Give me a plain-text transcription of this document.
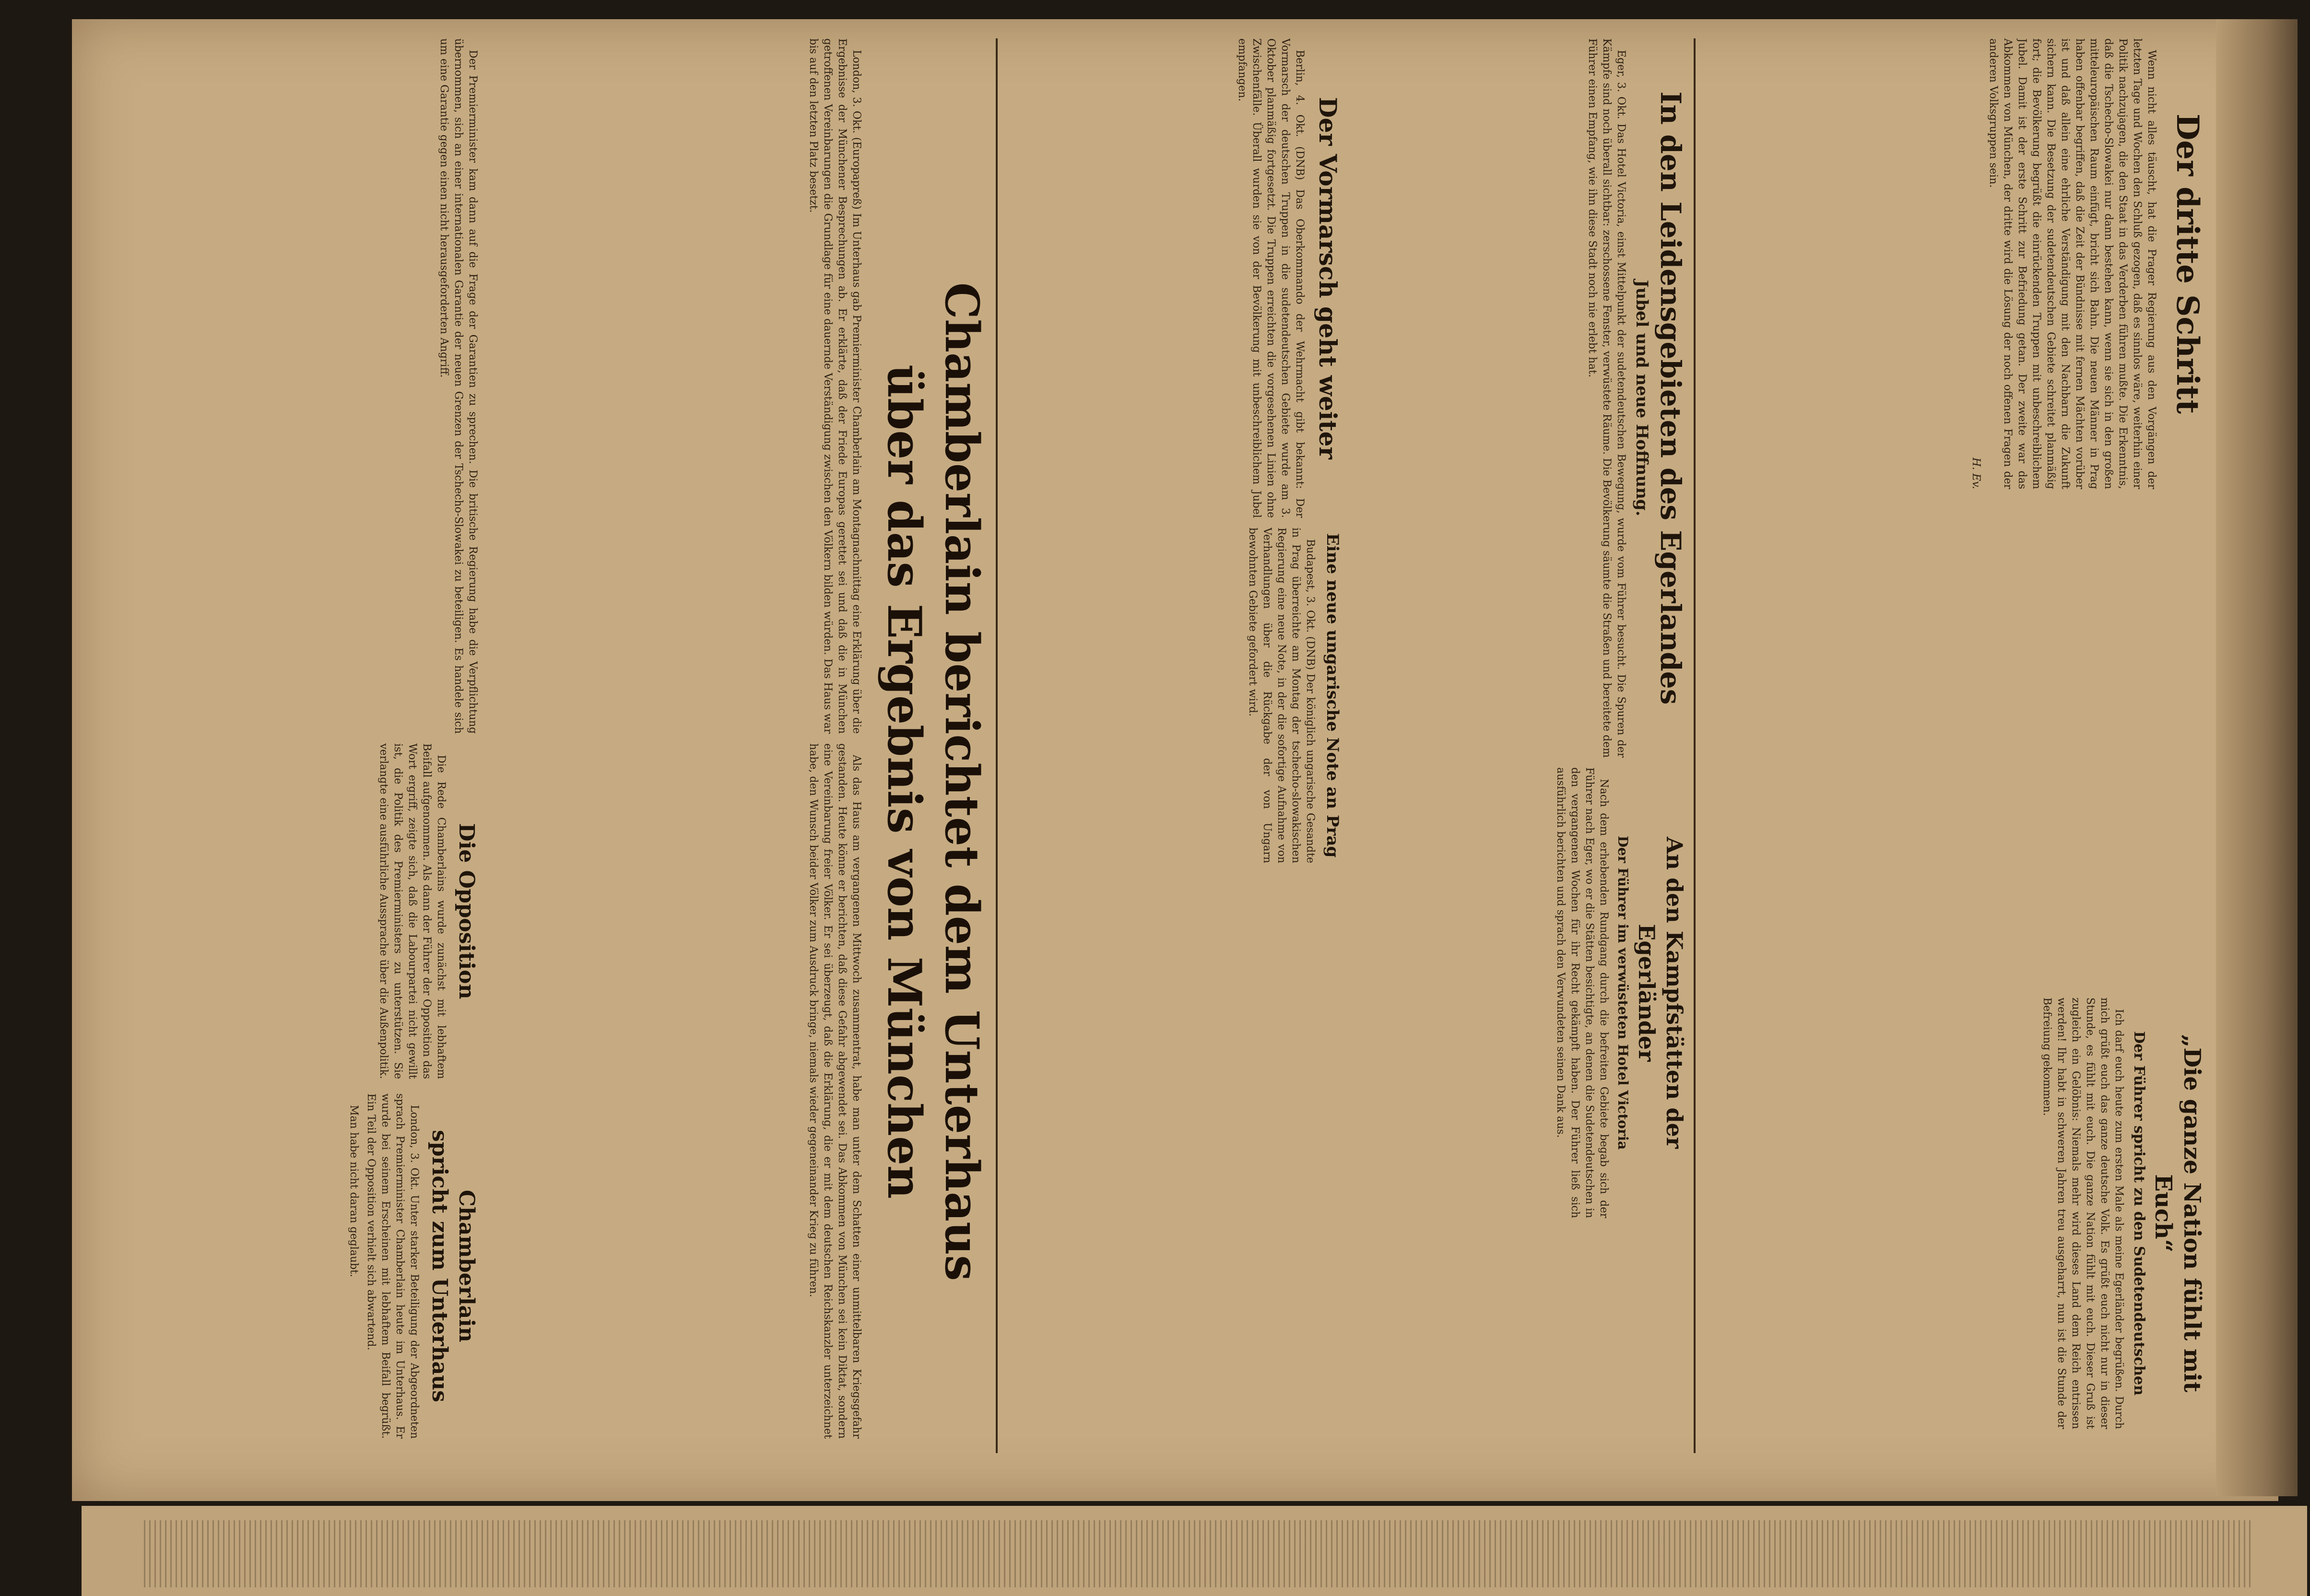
Der dritte Schritt

Wenn nicht alles täuscht, hat die Prager Regierung aus den Vorgängen der letzten Tage und Wochen den Schluß gezogen, daß es sinnlos wäre, weiterhin einer Politik nachzujagen, die den Staat in das Verderben führen mußte. Die Erkenntnis, daß die Tschecho-Slowakei nur dann bestehen kann, wenn sie sich in den großen mitteleuropäischen Raum einfügt, bricht sich Bahn. Die neuen Männer in Prag haben offenbar begriffen, daß die Zeit der Bündnisse mit fernen Mächten vorüber ist und daß allein eine ehrliche Verständigung mit den Nachbarn die Zukunft sichern kann. Die Besetzung der sudetendeutschen Gebiete schreitet planmäßig fort; die Bevölkerung begrüßt die einrückenden Truppen mit unbeschreiblichem Jubel. Damit ist der erste Schritt zur Befriedung getan. Der zweite war das Abkommen von München, der dritte wird die Lösung der noch offenen Fragen der anderen Volksgruppen sein.

H. Ev.
In den Leidensgebieten des Egerlandes
Jubel und neue Hoffnung.

Eger, 3. Okt. Das Hotel Victoria, einst Mittelpunkt der sudetendeutschen Bewegung, wurde vom Führer besucht. Die Spuren der Kämpfe sind noch überall sichtbar: zerschossene Fenster, verwüstete Räume. Die Bevölkerung säumte die Straßen und bereitete dem Führer einen Empfang, wie ihn diese Stadt noch nie erlebt hat.

An den Kampfstätten der Egerländer
Der Führer im verwüsteten Hotel Victoria

Nach dem erhebenden Rundgang durch die befreiten Gebiete begab sich der Führer nach Eger, wo er die Stätten besichtigte, an denen die Sudetendeutschen in den vergangenen Wochen für ihr Recht gekämpft haben. Der Führer ließ sich ausführlich berichten und sprach den Verwundeten seinen Dank aus.

„Die ganze Nation fühlt mit Euch“
Der Führer spricht zu den Sudetendeutschen

Ich darf euch heute zum ersten Male als meine Egerländer begrüßen. Durch mich grüßt euch das ganze deutsche Volk. Es grüßt euch nicht nur in dieser Stunde, es fühlt mit euch. Die ganze Nation fühlt mit euch. Dieser Gruß ist zugleich ein Gelöbnis: Niemals mehr wird dieses Land dem Reich entrissen werden! Ihr habt in schweren Jahren treu ausgeharrt, nun ist die Stunde der Befreiung gekommen.

Der Vormarsch geht weiter

Berlin, 4. Okt. (DNB) Das Oberkommando der Wehrmacht gibt bekannt: Der Vormarsch der deutschen Truppen in die sudetendeutschen Gebiete wurde am 3. Oktober planmäßig fortgesetzt. Die Truppen erreichten die vorgesehenen Linien ohne Zwischenfälle. Überall wurden sie von der Bevölkerung mit unbeschreiblichem Jubel empfangen.

Eine neue ungarische Note an Prag

Budapest, 3. Okt. (DNB) Der königlich ungarische Gesandte in Prag überreichte am Montag der tschecho-slowakischen Regierung eine neue Note, in der die sofortige Aufnahme von Verhandlungen über die Rückgabe der von Ungarn bewohnten Gebiete gefordert wird.

Chamberlain berichtet dem Unterhaus
über das Ergebnis von München

London, 3. Okt. (Europapreß) Im Unterhaus gab Premierminister Chamberlain am Montagnachmittag eine Erklärung über die Ergebnisse der Münchener Besprechungen ab. Er erklärte, daß der Friede Europas gerettet sei und daß die in München getroffenen Vereinbarungen die Grundlage für eine dauernde Verständigung zwischen den Völkern bilden würden. Das Haus war bis auf den letzten Platz besetzt.

Als das Haus am vergangenen Mittwoch zusammentrat, habe man unter dem Schatten einer unmittelbaren Kriegsgefahr gestanden. Heute könne er berichten, daß diese Gefahr abgewendet sei. Das Abkommen von München sei kein Diktat, sondern eine Vereinbarung freier Völker. Er sei überzeugt, daß die Erklärung, die er mit dem deutschen Reichskanzler unterzeichnet habe, den Wunsch beider Völker zum Ausdruck bringe, niemals wieder gegeneinander Krieg zu führen.

Der Premierminister kam dann auf die Frage der Garantien zu sprechen. Die britische Regierung habe die Verpflichtung übernommen, sich an einer internationalen Garantie der neuen Grenzen der Tschecho-Slowakei zu beteiligen. Es handele sich um eine Garantie gegen einen nicht herausgeforderten Angriff.

Die Opposition

Die Rede Chamberlains wurde zunächst mit lebhaftem Beifall aufgenommen. Als dann der Führer der Opposition das Wort ergriff, zeigte sich, daß die Labourpartei nicht gewillt ist, die Politik des Premierministers zu unterstützen. Sie verlangte eine ausführliche Aussprache über die Außenpolitik.

Chamberlain
spricht zum Unterhaus

London, 3. Okt. Unter starker Beteiligung der Abgeordneten sprach Premierminister Chamberlain heute im Unterhaus. Er wurde bei seinem Erscheinen mit lebhaftem Beifall begrüßt. Ein Teil der Opposition verhielt sich abwartend.

Man habe nicht daran geglaubt.
